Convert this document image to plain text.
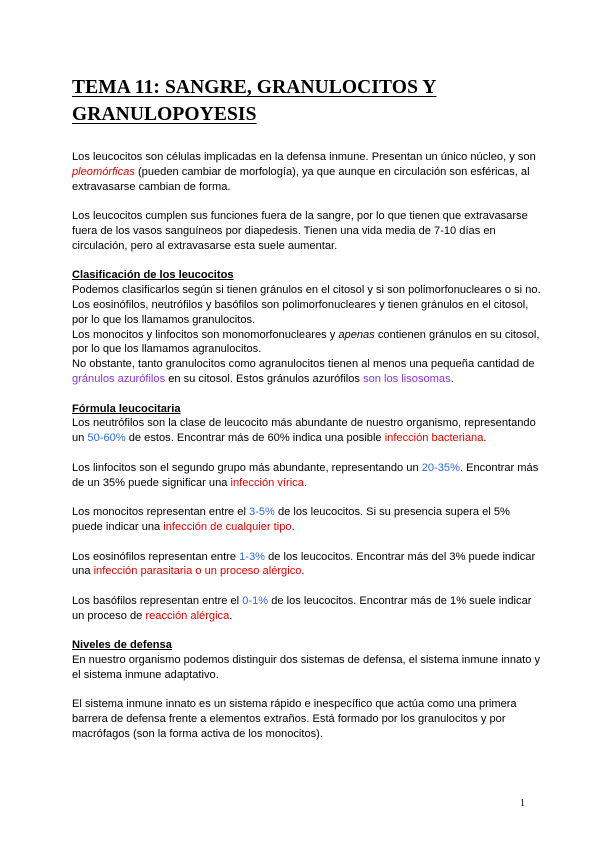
TEMA 11: SANGRE, GRANULOCITOS Y
GRANULOPOYESIS

Los leucocitos son células implicadas en la defensa inmune. Presentan un único núcleo, y son pleomórficas (pueden cambiar de morfología), ya que aunque en circulación son esféricas, al extravasarse cambian de forma.

Los leucocitos cumplen sus funciones fuera de la sangre, por lo que tienen que extravasarse fuera de los vasos sanguíneos por diapedesis. Tienen una vida media de 7-10 días en circulación, pero al extravasarse esta suele aumentar.

Clasificación de los leucocitos

Podemos clasificarlos según si tienen gránulos en el citosol y si son polimorfonucleares o si no.

Los eosinófilos, neutrófilos y basófilos son polimorfonucleares y tienen gránulos en el citosol, por lo que los llamamos granulocitos.

Los monocitos y linfocitos son monomorfonucleares y apenas contienen gránulos en su citosol, por lo que los llamamos agranulocitos.

No obstante, tanto granulocitos como agranulocitos tienen al menos una pequeña cantidad de gránulos azurófilos en su citosol. Estos gránulos azurófilos son los lisosomas.

Fórmula leucocitaria

Los neutrófilos son la clase de leucocito más abundante de nuestro organismo, representando un 50-60% de estos. Encontrar más de 60% indica una posible infección bacteriana.

Los linfocitos son el segundo grupo más abundante, representando un 20-35%. Encontrar más de un 35% puede significar una infección vírica.

Los monocitos representan entre el 3-5% de los leucocitos. Si su presencia supera el 5% puede indicar una infección de cualquier tipo.

Los eosinófilos representan entre 1-3% de los leucocitos. Encontrar más del 3% puede indicar una infección parasitaria o un proceso alérgico.

Los basófilos representan entre el 0-1% de los leucocitos. Encontrar más de 1% suele indicar un proceso de reacción alérgica.

Niveles de defensa

En nuestro organismo podemos distinguir dos sistemas de defensa, el sistema inmune innato y el sistema inmune adaptativo.

El sistema inmune innato es un sistema rápido e inespecífico que actúa como una primera barrera de defensa frente a elementos extraños. Está formado por los granulocitos y por macrófagos (son la forma activa de los monocitos).

1
